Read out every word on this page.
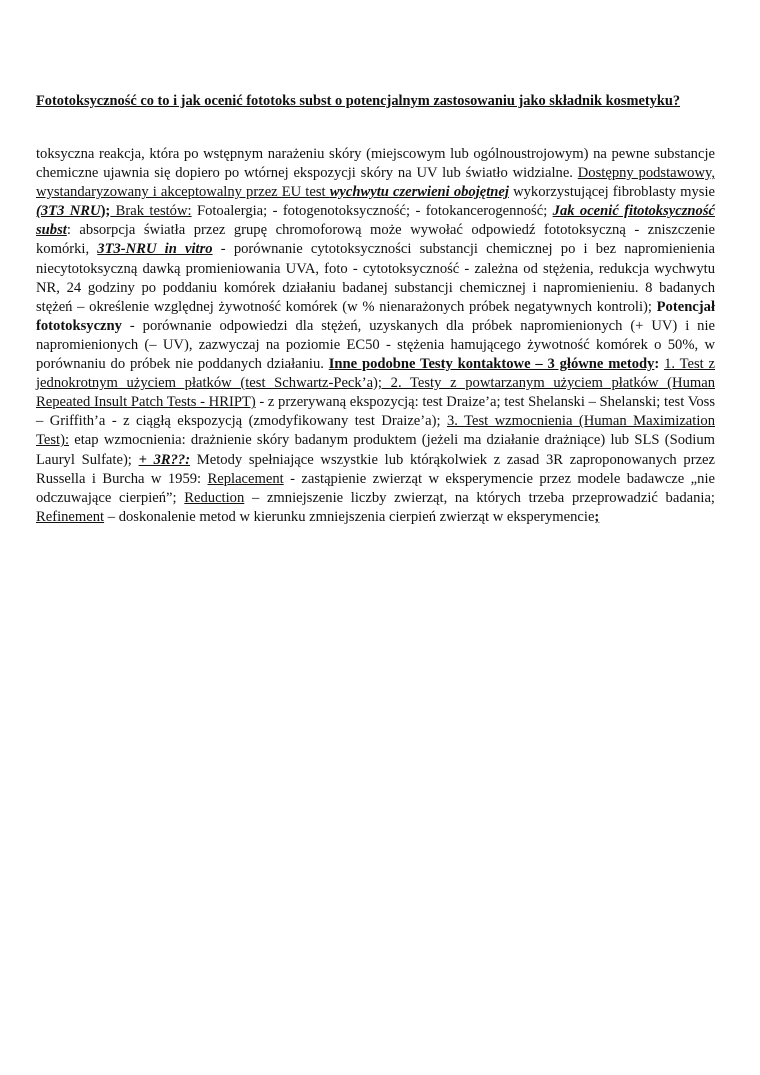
Fototoksyczność co to i jak ocenić fototoks subst o potencjalnym zastosowaniu jako składnik kosmetyku?
toksyczna reakcja, która po wstępnym narażeniu skóry (miejscowym lub ogólnoustrojowym) na pewne substancje chemiczne ujawnia się dopiero po wtórnej ekspozycji skóry na UV lub światło widzialne. Dostępny podstawowy, wystandaryzowany i akceptowalny przez EU test wychwytu czerwieni obojętnej wykorzystującej fibroblasty mysie (3T3 NRU); Brak testów: Fotoalergia; - fotogenotoksyczność; - fotokancerogenność; Jak ocenić fitotoksyczność subst: absorpcja światła przez grupę chromoforową może wywołać odpowiedź fototoksyczną - zniszczenie komórki, 3T3-NRU in vitro - porównanie cytotoksyczności substancji chemicznej po i bez napromienienia niecytotoksyczną dawką promieniowania UVA, foto - cytotoksyczność - zależna od stężenia, redukcja wychwytu NR, 24 godziny po poddaniu komórek działaniu badanej substancji chemicznej i napromienieniu. 8 badanych stężeń – określenie względnej żywotność komórek (w % nienarażonych próbek negatywnych kontroli); Potencjał fototoksyczny - porównanie odpowiedzi dla stężeń, uzyskanych dla próbek napromienionych (+ UV) i nie napromienionych (– UV), zazwyczaj na poziomie EC50 - stężenia hamującego żywotność komórek o 50%, w porównaniu do próbek nie poddanych działaniu. Inne podobne Testy kontaktowe – 3 główne metody: 1. Test z jednokrotnym użyciem płatków (test Schwartz-Peck’a); 2. Testy z powtarzanym użyciem płatków (Human Repeated Insult Patch Tests - HRIPT) - z przerywaną ekspozycją: test Draize’a; test Shelanski – Shelanski; test Voss – Griffith’a - z ciągłą ekspozycją (zmodyfikowany test Draize’a); 3. Test wzmocnienia (Human Maximization Test): etap wzmocnienia: drażnienie skóry badanym produktem (jeżeli ma działanie drażniące) lub SLS (Sodium Lauryl Sulfate); + 3R??: Metody spełniające wszystkie lub którąkolwiek z zasad 3R zaproponowanych przez Russella i Burcha w 1959: Replacement - zastąpienie zwierząt w eksperymencie przez modele badawcze „nie odczuwające cierpień”; Reduction – zmniejszenie liczby zwierząt, na których trzeba przeprowadzić badania; Refinement – doskonalenie metod w kierunku zmniejszenia cierpień zwierząt w eksperymencie;
